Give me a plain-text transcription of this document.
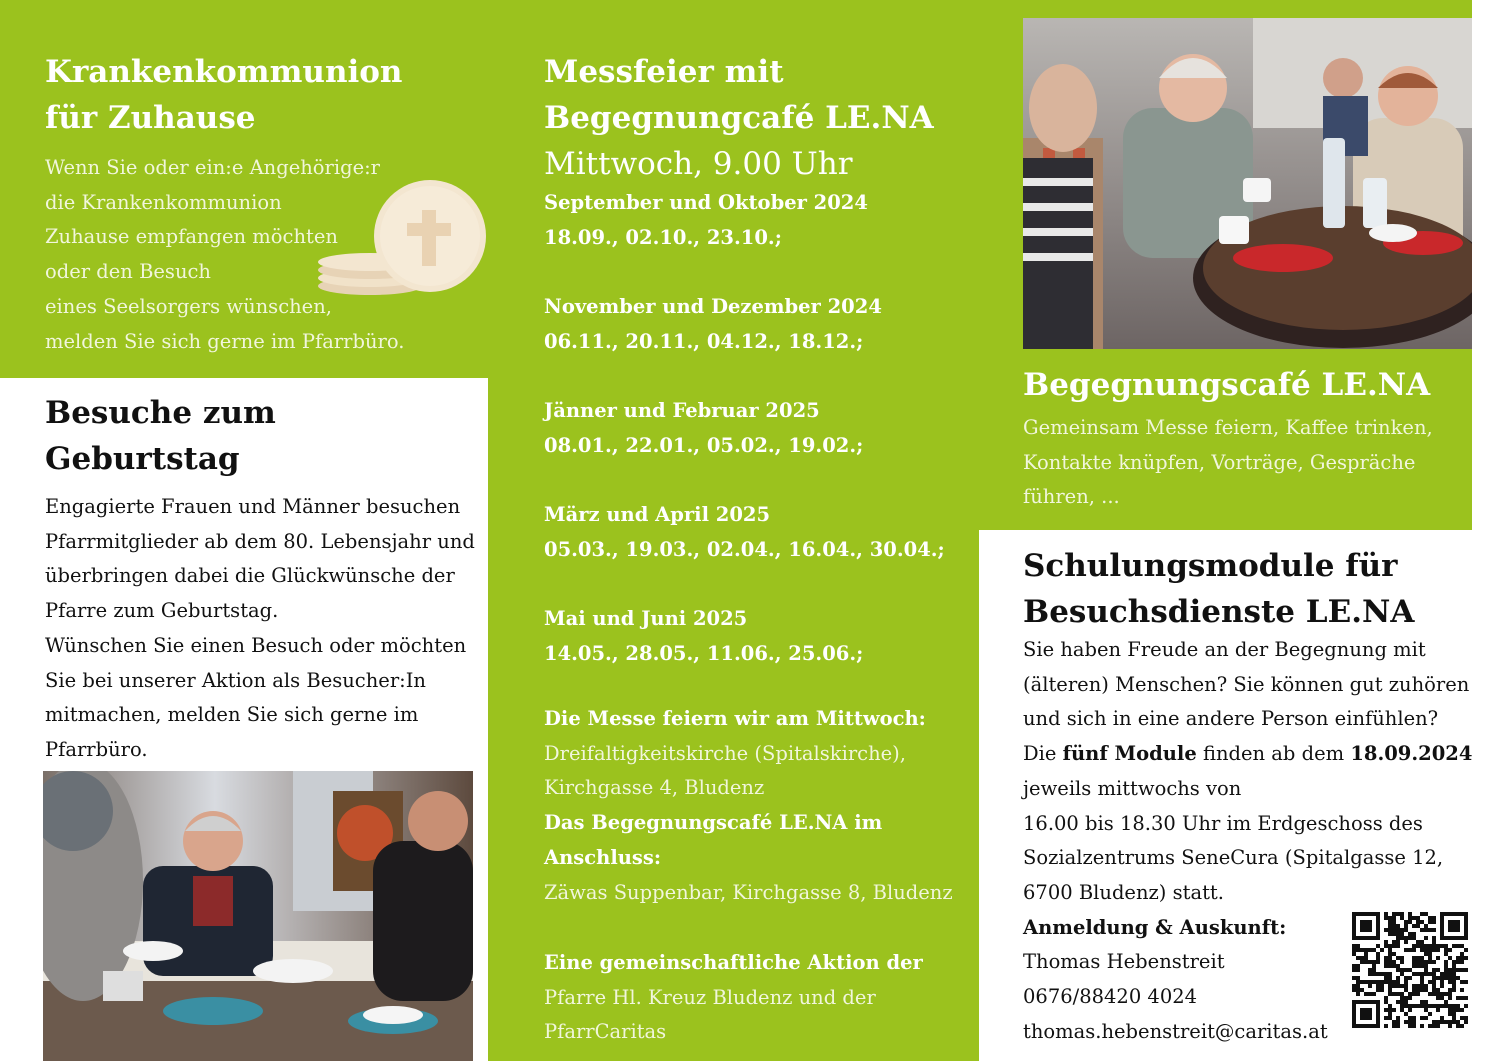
Krankenkommunion
für Zuhause
Wenn Sie oder ein:e Angehörige:r
die Krankenkommunion
Zuhause empfangen möchten
oder den Besuch
eines Seelsorgers wünschen,
melden Sie sich gerne im Pfarrbüro.
Besuche zum
Geburtstag
Engagierte Frauen und Männer besuchen
Pfarrmitglieder ab dem 80. Lebensjahr und
überbringen dabei die Glückwünsche der
Pfarre zum Geburtstag.
Wünschen Sie einen Besuch oder möchten
Sie bei unserer Aktion als Besucher:In
mitmachen, melden Sie sich gerne im
Pfarrbüro.
Messfeier mit
Begegnungcafé LE.NA
Mittwoch, 9.00 Uhr
September und Oktober 2024
18.09., 02.10., 23.10.;

November und Dezember 2024
06.11., 20.11., 04.12., 18.12.;

Jänner und Februar 2025
08.01., 22.01., 05.02., 19.02.;

März und April 2025
05.03., 19.03., 02.04., 16.04., 30.04.;

Mai und Juni 2025
14.05., 28.05., 11.06., 25.06.;
Die Messe feiern wir am Mittwoch:
Dreifaltigkeitskirche (Spitalskirche),
Kirchgasse 4, Bludenz
Das Begegnungscafé LE.NA im
Anschluss:
Zäwas Suppenbar, Kirchgasse 8, Bludenz
Eine gemeinschaftliche Aktion der
Pfarre Hl. Kreuz Bludenz und der
PfarrCaritas
Begegnungscafé LE.NA
Gemeinsam Messe feiern, Kaffee trinken,
Kontakte knüpfen, Vorträge, Gespräche
führen, ...
Schulungsmodule für
Besuchsdienste LE.NA
Sie haben Freude an der Begegnung mit
(älteren) Menschen? Sie können gut zuhören
und sich in eine andere Person einfühlen?
Die fünf Module finden ab dem 18.09.2024
jeweils mittwochs von
16.00 bis 18.30 Uhr im Erdgeschoss des
Sozialzentrums SeneCura (Spitalgasse 12,
6700 Bludenz) statt.
Anmeldung & Auskunft:
Thomas Hebenstreit
0676/88420 4024
thomas.hebenstreit@caritas.at
